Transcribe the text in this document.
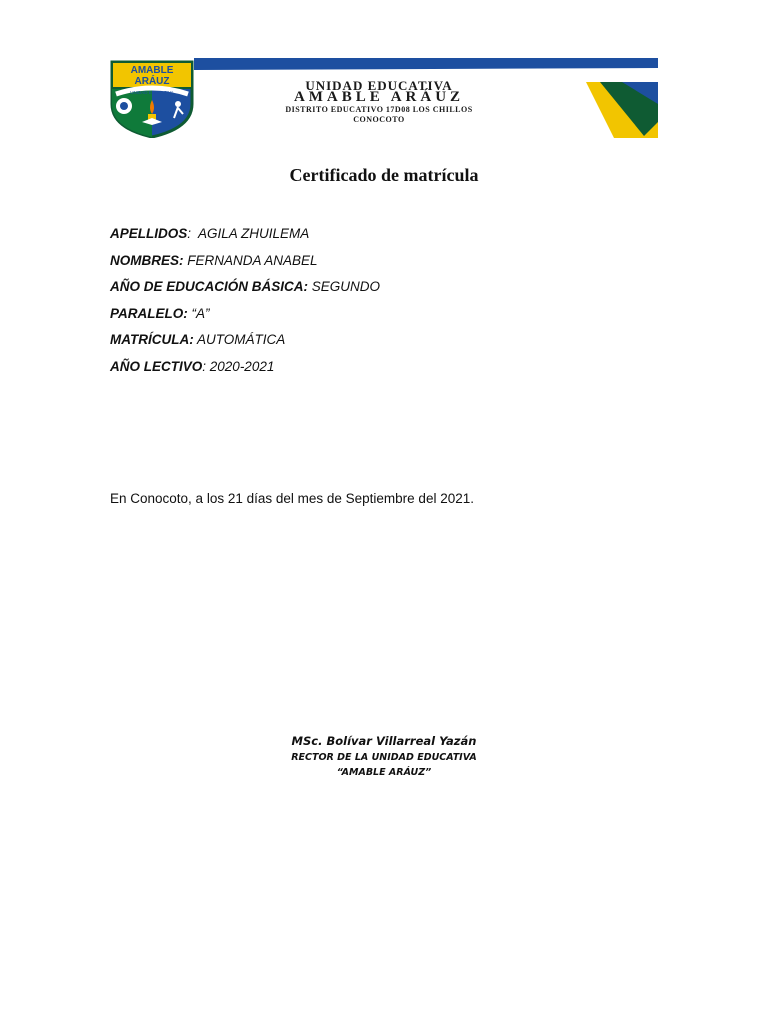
AMABLE
ARÁUZ
UNIDAD EDUCATIVA	UNIDAD EDUCATIVA
AMABLE ARÁUZ
DISTRITO EDUCATIVO 17D08 LOS CHILLOS
CONOCOTO
Certificado de matrícula
APELLIDOS:  AGILA ZHUILEMA
NOMBRES: FERNANDA ANABEL
AÑO DE EDUCACIÓN BÁSICA: SEGUNDO
PARALELO: “A”
MATRÍCULA: AUTOMÁTICA
AÑO LECTIVO: 2020-2021
En Conocoto, a los 21 días del mes de Septiembre del 2021.
MSc. Bolívar Villarreal Yazán
RECTOR DE LA UNIDAD EDUCATIVA
“AMABLE ARÁUZ”
